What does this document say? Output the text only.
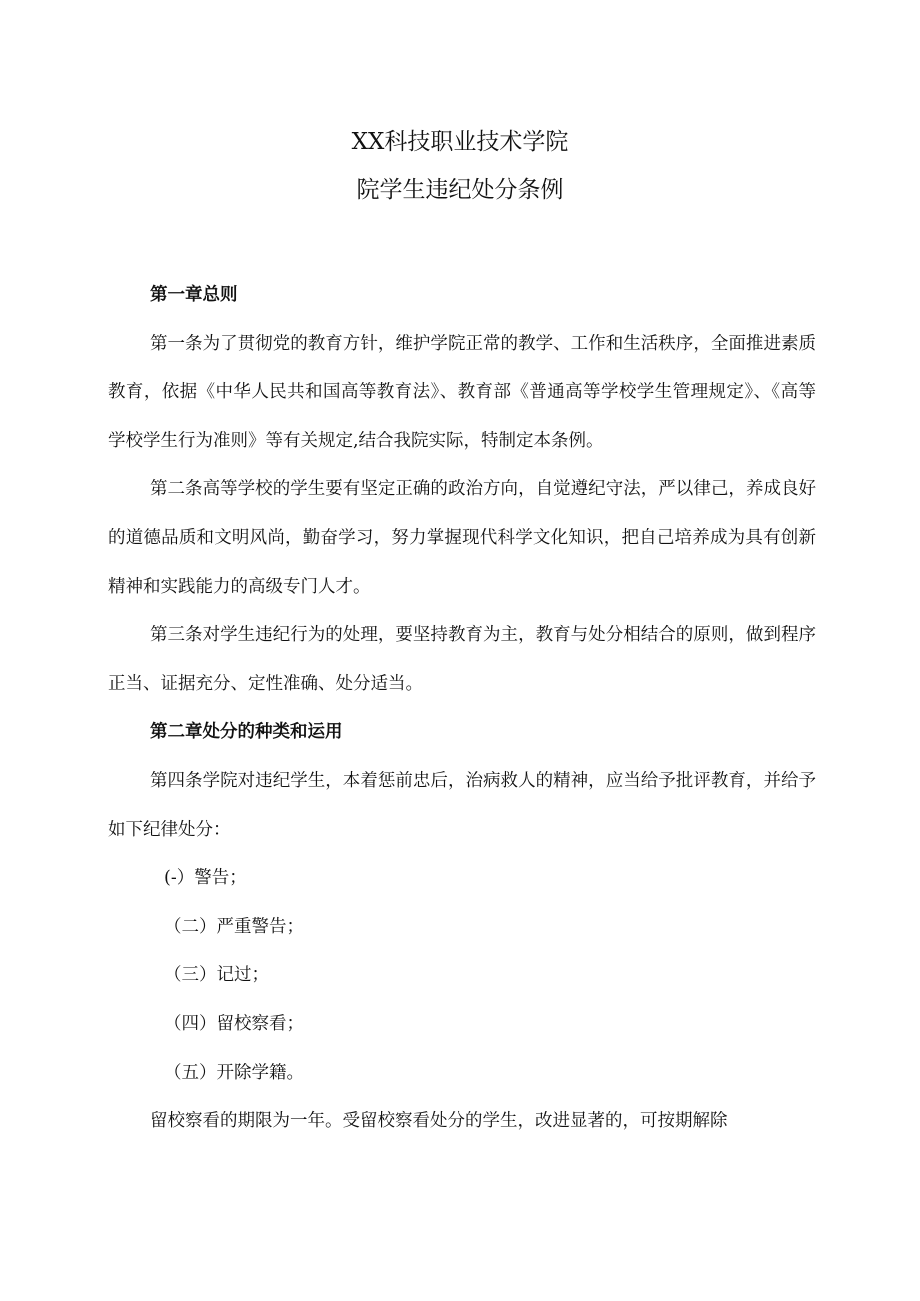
XX科技职业技术学院
院学生违纪处分条例

第一章总则

第一条为了贯彻党的教育方针，维护学院正常的教学、工作和生活秩序，全面推进素质教育，依据《中华人民共和国高等教育法》、教育部《普通高等学校学生管理规定》、《高等学校学生行为准则》等有关规定,结合我院实际，特制定本条例。

第二条高等学校的学生要有坚定正确的政治方向，自觉遵纪守法，严以律己，养成良好的道德品质和文明风尚，勤奋学习，努力掌握现代科学文化知识，把自己培养成为具有创新精神和实践能力的高级专门人才。

第三条对学生违纪行为的处理，要坚持教育为主，教育与处分相结合的原则，做到程序正当、证据充分、定性准确、处分适当。

第二章处分的种类和运用

第四条学院对违纪学生，本着惩前忠后，治病救人的精神，应当给予批评教育，并给予如下纪律处分：

(-）警告；

（二）严重警告；

（三）记过；

（四）留校察看；

（五）开除学籍。

留校察看的期限为一年。受留校察看处分的学生，改进显著的，可按期解除
